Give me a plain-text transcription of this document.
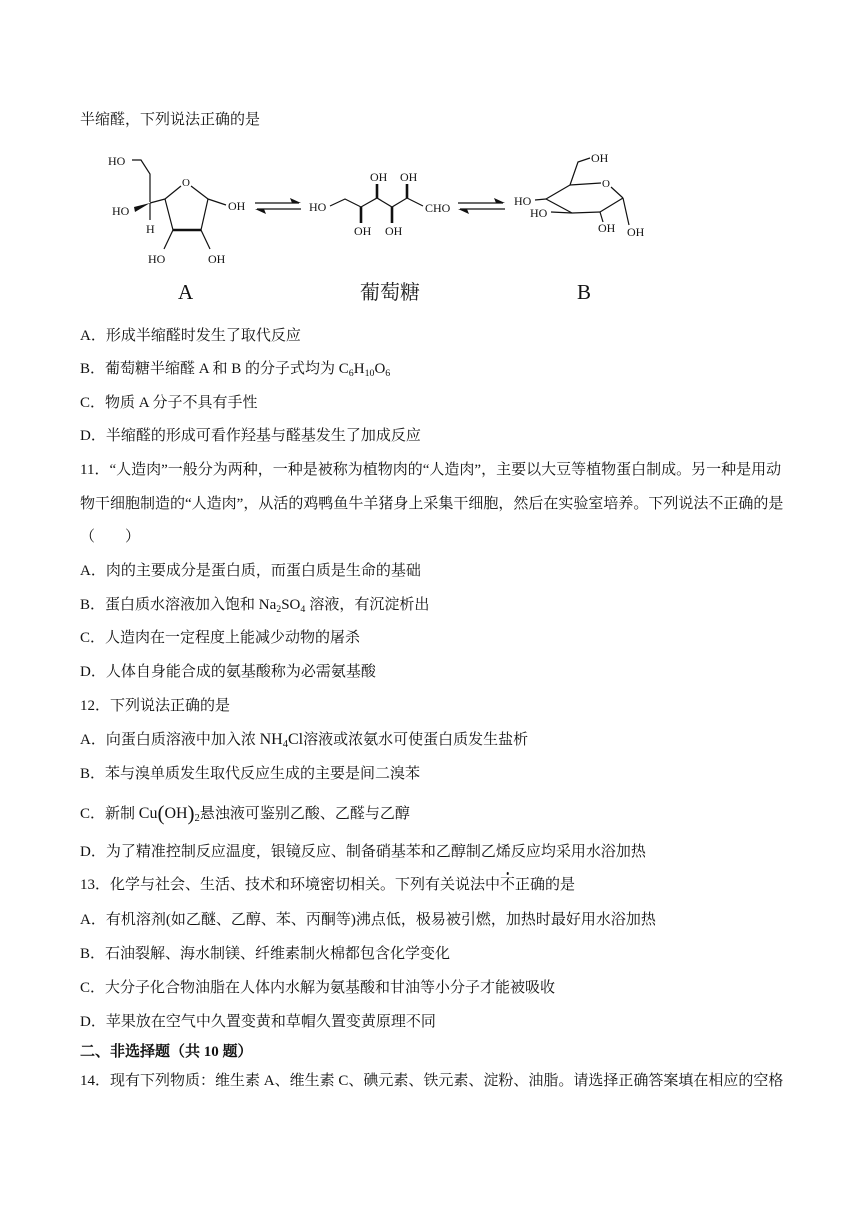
半缩醛，下列说法正确的是
HO
HO
H
O
OH
OH
HO
HO
OH
OH
OH
OH
CHO
OH
O
HO
HO
OH OH
A	葡萄糖	B
A．形成半缩醛时发生了取代反应
B．葡萄糖半缩醛 A 和 B 的分子式均为 $C_6H_{10}O_6$
C．物质 A 分子不具有手性
D．半缩醛的形成可看作羟基与醛基发生了加成反应
11．“人造肉”一般分为两种，一种是被称为植物肉的“人造肉”，主要以大豆等植物蛋白制成。另一种是用动
物干细胞制造的“人造肉”，从活的鸡鸭鱼牛羊猪身上采集干细胞，然后在实验室培养。下列说法不正确的是
（　　）
A．肉的主要成分是蛋白质，而蛋白质是生命的基础
B．蛋白质水溶液加入饱和 $Na_2SO_4$ 溶液，有沉淀析出
C．人造肉在一定程度上能减少动物的屠杀
D．人体自身能合成的氨基酸称为必需氨基酸
12．下列说法正确的是
A．向蛋白质溶液中加入浓 $NH_4Cl$溶液或浓氨水可使蛋白质发生盐析
B．苯与溴单质发生取代反应生成的主要是间二溴苯
C．新制 $Cu(OH)_2$悬浊液可鉴别乙酸、乙醛与乙醇
D．为了精准控制反应温度，银镜反应、制备硝基苯和乙醇制乙烯反应均采用水浴加热
13．化学与社会、生活、技术和环境密切相关。下列有关说法中不正确的是
A．有机溶剂(如乙醚、乙醇、苯、丙酮等)沸点低，极易被引燃，加热时最好用水浴加热
B．石油裂解、海水制镁、纤维素制火棉都包含化学变化
C．大分子化合物油脂在人体内水解为氨基酸和甘油等小分子才能被吸收
D．苹果放在空气中久置变黄和草帽久置变黄原理不同
二、非选择题（共 10 题）
14．现有下列物质：维生素 A、维生素 C、碘元素、铁元素、淀粉、油脂。请选择正确答案填在相应的空格
